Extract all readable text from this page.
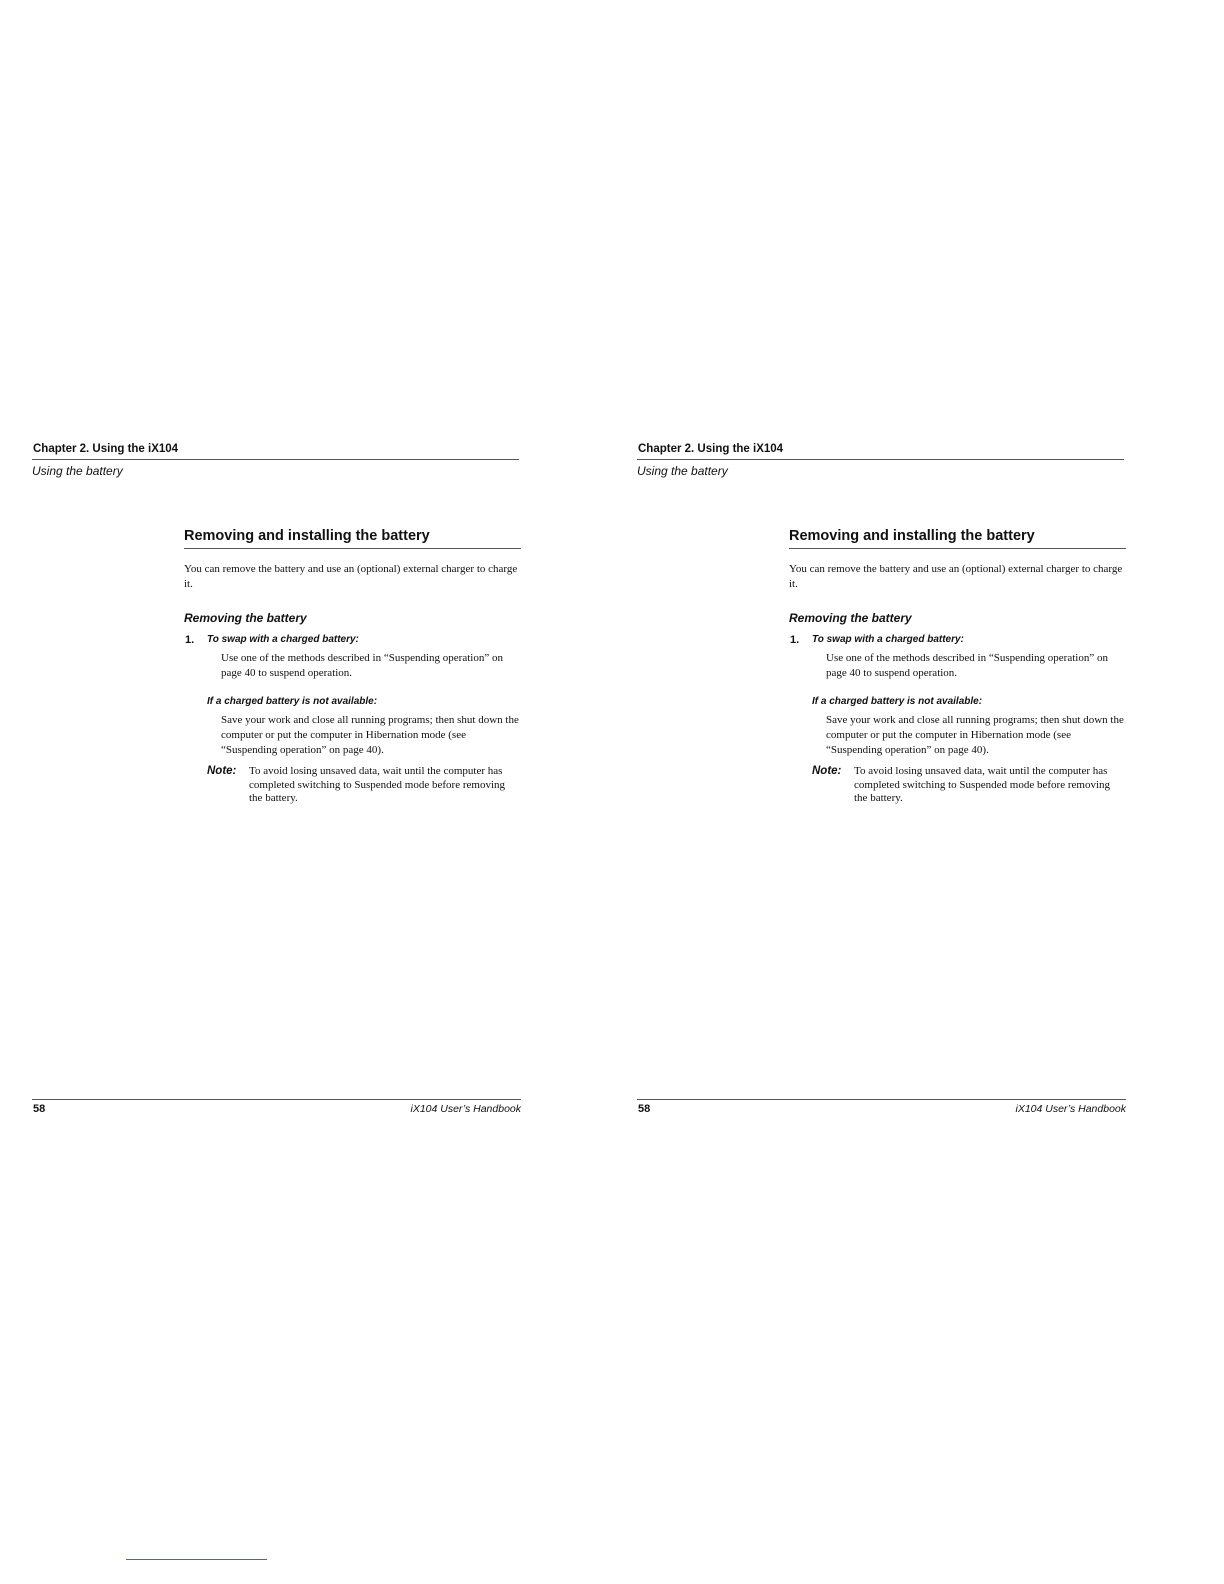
Chapter 2. Using the iX104
Using the battery
Removing and installing the battery
You can remove the battery and use an (optional) external charger to charge it.
Removing the battery
1. To swap with a charged battery:
Use one of the methods described in “Suspending operation” on page 40 to suspend operation.
If a charged battery is not available:
Save your work and close all running programs; then shut down the computer or put the computer in Hibernation mode (see “Suspending operation” on page 40).
Note: To avoid losing unsaved data, wait until the computer has completed switching to Suspended mode before removing the battery.
58	iX104 User’s Handbook
Chapter 2. Using the iX104
Using the battery
Removing and installing the battery
You can remove the battery and use an (optional) external charger to charge it.
Removing the battery
1. To swap with a charged battery:
Use one of the methods described in “Suspending operation” on page 40 to suspend operation.
If a charged battery is not available:
Save your work and close all running programs; then shut down the computer or put the computer in Hibernation mode (see “Suspending operation” on page 40).
Note: To avoid losing unsaved data, wait until the computer has completed switching to Suspended mode before removing the battery.
58	iX104 User’s Handbook
